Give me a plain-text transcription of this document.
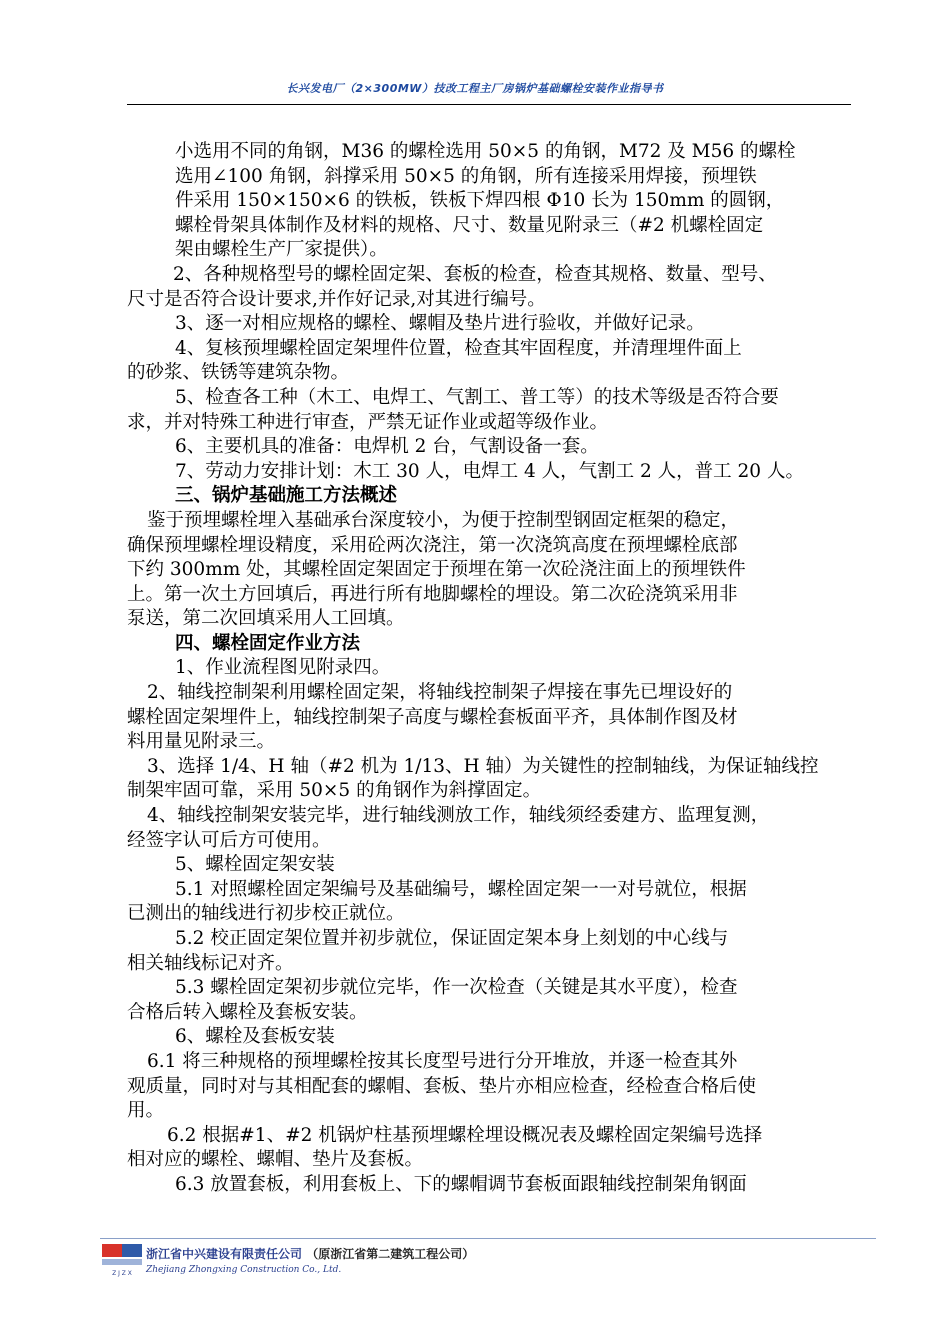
长兴发电厂（2×300MW）技改工程主厂房锅炉基础螺栓安装作业指导书

小选用不同的角钢，M36 的螺栓选用 50×5 的角钢，M72 及 M56 的螺栓

选用∠100 角钢，斜撑采用 50×5 的角钢，所有连接采用焊接，预埋铁

件采用 150×150×6 的铁板，铁板下焊四根 Φ10 长为 150mm 的圆钢，

螺栓骨架具体制作及材料的规格、尺寸、数量见附录三（#2 机螺栓固定

架由螺栓生产厂家提供）。

2、各种规格型号的螺栓固定架、套板的检查，检查其规格、数量、型号、

尺寸是否符合设计要求,并作好记录,对其进行编号。

3、逐一对相应规格的螺栓、螺帽及垫片进行验收，并做好记录。

4、复核预埋螺栓固定架埋件位置，检查其牢固程度，并清理埋件面上

的砂浆、铁锈等建筑杂物。

5、检查各工种（木工、电焊工、气割工、普工等）的技术等级是否符合要

求，并对特殊工种进行审查，严禁无证作业或超等级作业。

6、主要机具的准备：电焊机 2 台，气割设备一套。

7、劳动力安排计划：木工 30 人，电焊工 4 人，气割工 2 人，普工 20 人。

三、锅炉基础施工方法概述

鉴于预埋螺栓埋入基础承台深度较小，为便于控制型钢固定框架的稳定，

确保预埋螺栓埋设精度，采用砼两次浇注，第一次浇筑高度在预埋螺栓底部

下约 300mm 处，其螺栓固定架固定于预埋在第一次砼浇注面上的预埋铁件

上。第一次土方回填后，再进行所有地脚螺栓的埋设。第二次砼浇筑采用非

泵送，第二次回填采用人工回填。

四、螺栓固定作业方法

1、作业流程图见附录四。

2、轴线控制架利用螺栓固定架，将轴线控制架子焊接在事先已埋设好的

螺栓固定架埋件上，轴线控制架子高度与螺栓套板面平齐，具体制作图及材

料用量见附录三。

3、选择 1/4、H 轴（#2 机为 1/13、H 轴）为关键性的控制轴线，为保证轴线控

制架牢固可靠，采用 50×5 的角钢作为斜撑固定。

4、轴线控制架安装完毕，进行轴线测放工作，轴线须经委建方、监理复测，

经签字认可后方可使用。

5、螺栓固定架安装

5.1 对照螺栓固定架编号及基础编号，螺栓固定架一一对号就位，根据

已测出的轴线进行初步校正就位。

5.2 校正固定架位置并初步就位，保证固定架本身上刻划的中心线与

相关轴线标记对齐。

5.3 螺栓固定架初步就位完毕，作一次检查（关键是其水平度），检查

合格后转入螺栓及套板安装。

6、螺栓及套板安装

6.1 将三种规格的预埋螺栓按其长度型号进行分开堆放，并逐一检查其外

观质量，同时对与其相配套的螺帽、套板、垫片亦相应检查，经检查合格后使

用。

6.2 根据#1、#2 机锅炉柱基预埋螺栓埋设概况表及螺栓固定架编号选择

相对应的螺栓、螺帽、垫片及套板。

6.3 放置套板，利用套板上、下的螺帽调节套板面跟轴线控制架角钢面

Z J Z X
浙江省中兴建设有限责任公司 （原浙江省第二建筑工程公司）
Zhejiang Zhongxing Construction Co., Ltd.
